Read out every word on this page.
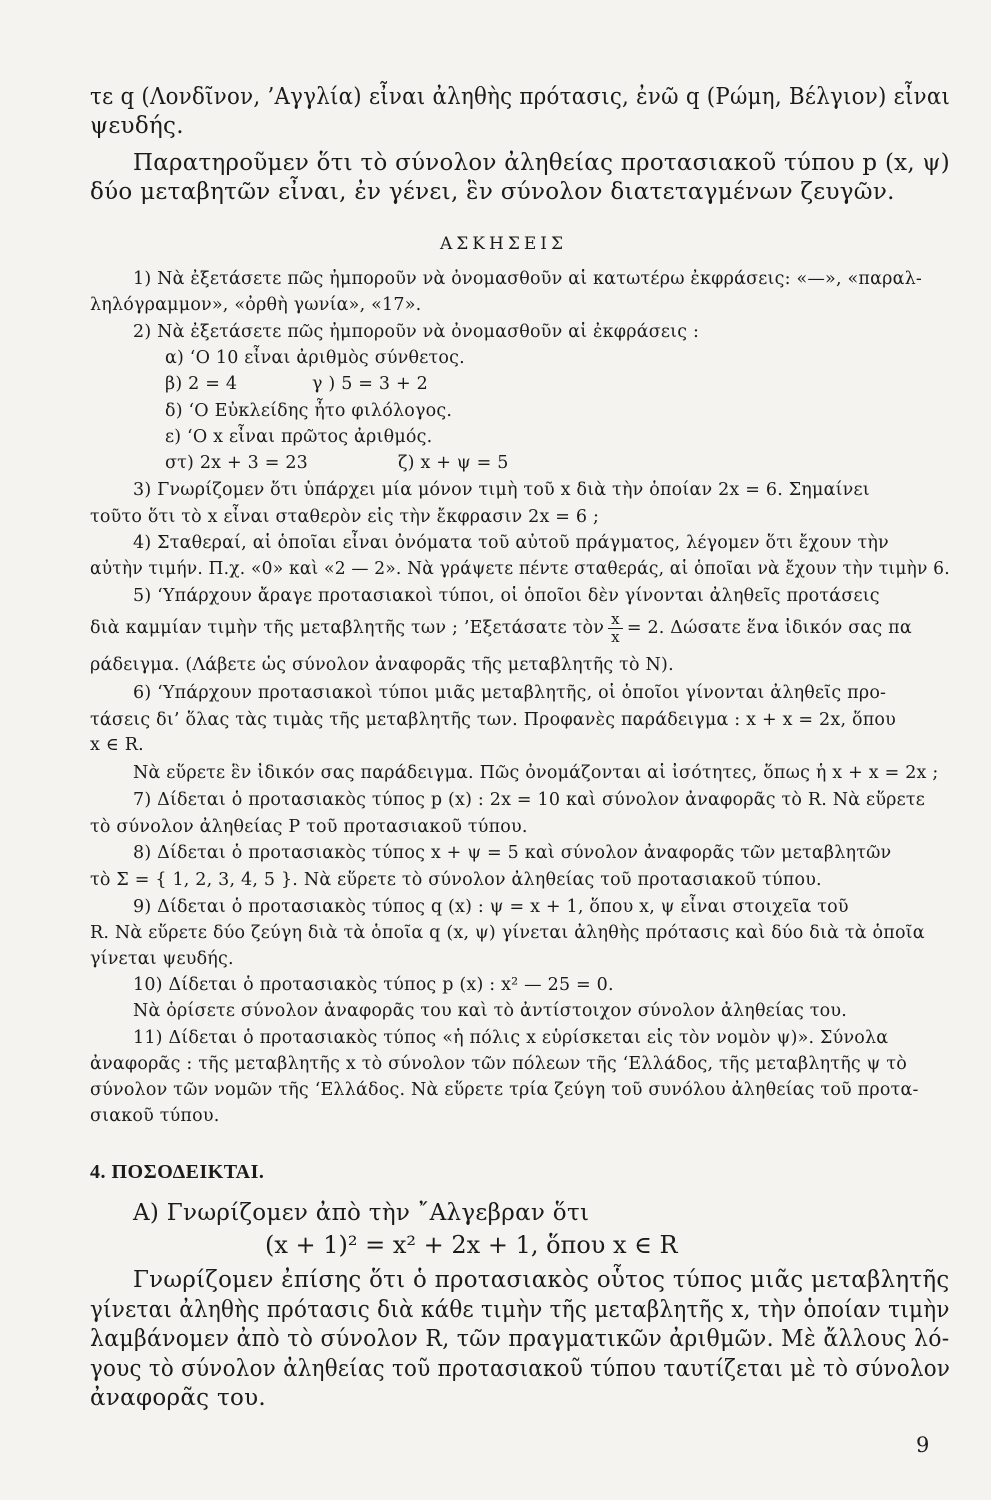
τε q (Λονδῖνον, ’Αγγλία) εἶναι ἀληθὴς πρότασις, ἐνῶ q (Ρώμη, Βέλγιον) εἶναι
ψευδής.
Παρατηροῦμεν ὅτι τὸ σύνολον ἀληθείας προτασιακοῦ τύπου p (x, ψ)
δύο μεταβητῶν εἶναι, ἐν γένει, ἓν σύνολον διατεταγμένων ζευγῶν.
ΑΣΚΗΣΕΙΣ
1) Νὰ ἐξετάσετε πῶς ἠμποροῦν νὰ ὀνομασθοῦν αἱ κατωτέρω ἐκφράσεις: «—», «παραλ-
ληλόγραμμον», «ὀρθὴ γωνία», «17».
2) Νὰ ἐξετάσετε πῶς ἠμποροῦν νὰ ὀνομασθοῦν αἱ ἐκφράσεις :
α) ‘Ο 10 εἶναι ἀριθμὸς σύνθετος.
β) 2 = 4	γ ) 5 = 3 + 2
δ) ‘Ο Εὐκλείδης ἦτο φιλόλογος.
ε) ‘Ο x εἶναι πρῶτος ἀριθμός.
στ) 2x + 3 = 23	ζ) x + ψ = 5
3) Γνωρίζομεν ὅτι ὑπάρχει μία μόνον τιμὴ τοῦ x διὰ τὴν ὁποίαν 2x = 6. Σημαίνει
τοῦτο ὅτι τὸ x εἶναι σταθερὸν εἰς τὴν ἔκφρασιν 2x = 6 ;
4) Σταθεραί, αἱ ὁποῖαι εἶναι ὀνόματα τοῦ αὐτοῦ πράγματος, λέγομεν ὅτι ἔχουν τὴν
αὐτὴν τιμήν. Π.χ. «0» καὶ «2 — 2». Νὰ γράψετε πέντε σταθεράς, αἱ ὁποῖαι νὰ ἔχουν τὴν τιμὴν 6.
5) ‘Υπάρχουν ἄραγε προτασιακοὶ τύποι, οἱ ὁποῖοι δὲν γίνονται ἀληθεῖς προτάσεις
διὰ καμμίαν τιμὴν τῆς μεταβλητῆς των ; ’Εξετάσατε τὸν $\frac{x}{x} = 2$. Δώσατε ἕνα ἰδικόν σας πα
ράδειγμα. (Λάβετε ὡς σύνολον ἀναφορᾶς τῆς μεταβλητῆς τὸ N).
6) ‘Υπάρχουν προτασιακοὶ τύποι μιᾶς μεταβλητῆς, οἱ ὁποῖοι γίνονται ἀληθεῖς προ-
τάσεις δι’ ὅλας τὰς τιμὰς τῆς μεταβλητῆς των. Προφανὲς παράδειγμα : x + x = 2x, ὅπου
x ∈ R.
Νὰ εὕρετε ἓν ἰδικόν σας παράδειγμα. Πῶς ὀνομάζονται αἱ ἰσότητες, ὅπως ἡ x + x = 2x ;
7) Δίδεται ὁ προτασιακὸς τύπος p (x) : 2x = 10 καὶ σύνολον ἀναφορᾶς τὸ R. Νὰ εὕρετε
τὸ σύνολον ἀληθείας P τοῦ προτασιακοῦ τύπου.
8) Δίδεται ὁ προτασιακὸς τύπος x + ψ = 5 καὶ σύνολον ἀναφορᾶς τῶν μεταβλητῶν
τὸ Σ = { 1, 2, 3, 4, 5 }. Νὰ εὕρετε τὸ σύνολον ἀληθείας τοῦ προτασιακοῦ τύπου.
9) Δίδεται ὁ προτασιακὸς τύπος q (x) : ψ = x + 1, ὅπου x, ψ εἶναι στοιχεῖα τοῦ
R. Νὰ εὕρετε δύο ζεύγη διὰ τὰ ὁποῖα q (x, ψ) γίνεται ἀληθὴς πρότασις καὶ δύο διὰ τὰ ὁποῖα
γίνεται ψευδής.
10) Δίδεται ὁ προτασιακὸς τύπος p (x) : x² — 25 = 0.
Νὰ ὁρίσετε σύνολον ἀναφορᾶς του καὶ τὸ ἀντίστοιχον σύνολον ἀληθείας του.
11) Δίδεται ὁ προτασιακὸς τύπος «ἡ πόλις x εὑρίσκεται εἰς τὸν νομὸν ψ)». Σύνολα
ἀναφορᾶς : τῆς μεταβλητῆς x τὸ σύνολον τῶν πόλεων τῆς ‘Ελλάδος, τῆς μεταβλητῆς ψ τὸ
σύνολον τῶν νομῶν τῆς ‘Ελλάδος. Νὰ εὕρετε τρία ζεύγη τοῦ συνόλου ἀληθείας τοῦ προτα-
σιακοῦ τύπου.
4. ΠΟΣΟΔΕΙΚΤΑΙ.
Α) Γνωρίζομεν ἀπὸ τὴν ῎Αλγεβραν ὅτι
(x + 1)² = x² + 2x + 1, ὅπου x ∈ R
Γνωρίζομεν ἐπίσης ὅτι ὁ προτασιακὸς οὗτος τύπος μιᾶς μεταβλητῆς
γίνεται ἀληθὴς πρότασις διὰ κάθε τιμὴν τῆς μεταβλητῆς x, τὴν ὁποίαν τιμὴν
λαμβάνομεν ἀπὸ τὸ σύνολον R, τῶν πραγματικῶν ἀριθμῶν. Μὲ ἄλλους λό-
γους τὸ σύνολον ἀληθείας τοῦ προτασιακοῦ τύπου ταυτίζεται μὲ τὸ σύνολον
ἀναφορᾶς του.
9
